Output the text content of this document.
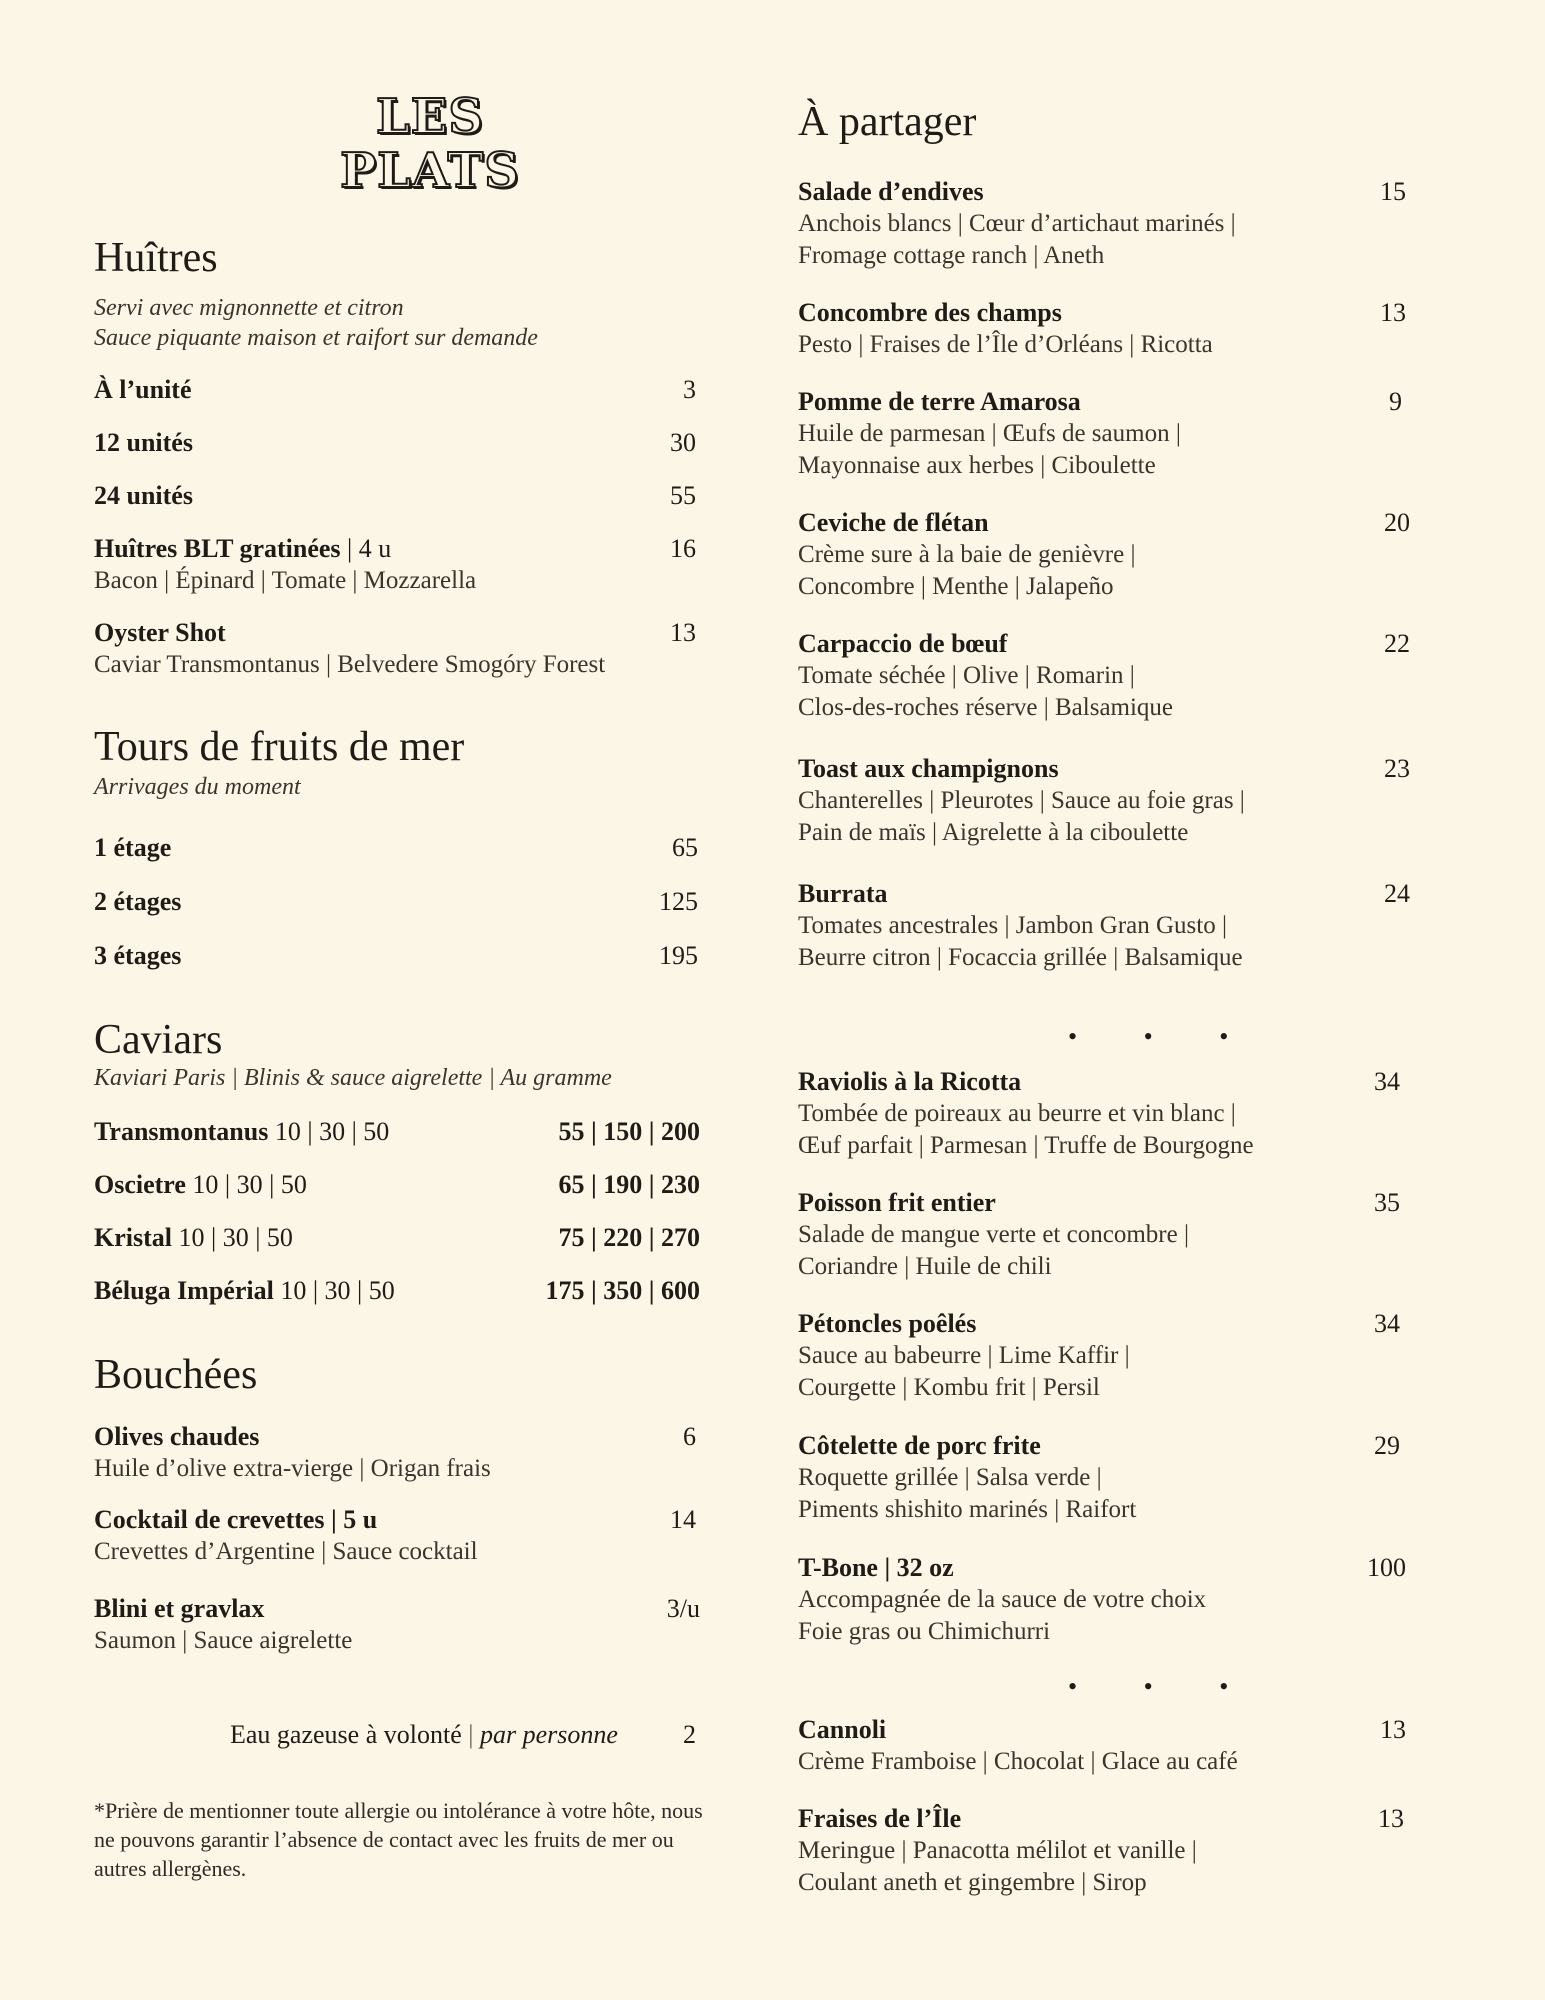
LES
PLATS
Huîtres
Servi avec mignonnette et citron
Sauce piquante maison et raifort sur demande
À l’unité	3
12 unités	30
24 unités	55
Huîtres BLT gratinées | 4 u	16
Bacon | Épinard | Tomate | Mozzarella
Oyster Shot	13
Caviar Transmontanus | Belvedere Smogóry Forest
Tours de fruits de mer
Arrivages du moment
1 étage	65
2 étages	125
3 étages	195
Caviars
Kaviari Paris | Blinis & sauce aigrelette | Au gramme
Transmontanus 10 | 30 | 50	55 | 150 | 200
Oscietre 10 | 30 | 50	65 | 190 | 230
Kristal 10 | 30 | 50	75 | 220 | 270
Béluga Impérial 10 | 30 | 50	175 | 350 | 600
Bouchées
Olives chaudes	6
Huile d’olive extra-vierge | Origan frais
Cocktail de crevettes | 5 u	14
Crevettes d’Argentine | Sauce cocktail
Blini et gravlax	3/u
Saumon | Sauce aigrelette
Eau gazeuse à volonté | par personne	2
*Prière de mentionner toute allergie ou intolérance à votre hôte, nous ne pouvons garantir l’absence de contact avec les fruits de mer ou autres allergènes.
À partager
Salade d’endives	15
Anchois blancs | Cœur d’artichaut marinés |
Fromage cottage ranch | Aneth
Concombre des champs	13
Pesto | Fraises de l’Île d’Orléans | Ricotta
Pomme de terre Amarosa	9
Huile de parmesan | Œufs de saumon |
Mayonnaise aux herbes | Ciboulette
Ceviche de flétan	20
Crème sure à la baie de genièvre |
Concombre | Menthe | Jalapeño
Carpaccio de bœuf	22
Tomate séchée | Olive | Romarin |
Clos-des-roches réserve | Balsamique
Toast aux champignons	23
Chanterelles | Pleurotes | Sauce au foie gras |
Pain de maïs | Aigrelette à la ciboulette
Burrata	24
Tomates ancestrales | Jambon Gran Gusto |
Beurre citron | Focaccia grillée | Balsamique
• • •
Raviolis à la Ricotta	34
Tombée de poireaux au beurre et vin blanc |
Œuf parfait | Parmesan | Truffe de Bourgogne
Poisson frit entier	35
Salade de mangue verte et concombre |
Coriandre | Huile de chili
Pétoncles poêlés	34
Sauce au babeurre | Lime Kaffir |
Courgette | Kombu frit | Persil
Côtelette de porc frite	29
Roquette grillée | Salsa verde |
Piments shishito marinés | Raifort
T-Bone | 32 oz	100
Accompagnée de la sauce de votre choix
Foie gras ou Chimichurri
• • •
Cannoli	13
Crème Framboise | Chocolat | Glace au café
Fraises de l’Île	13
Meringue | Panacotta mélilot et vanille |
Coulant aneth et gingembre | Sirop
